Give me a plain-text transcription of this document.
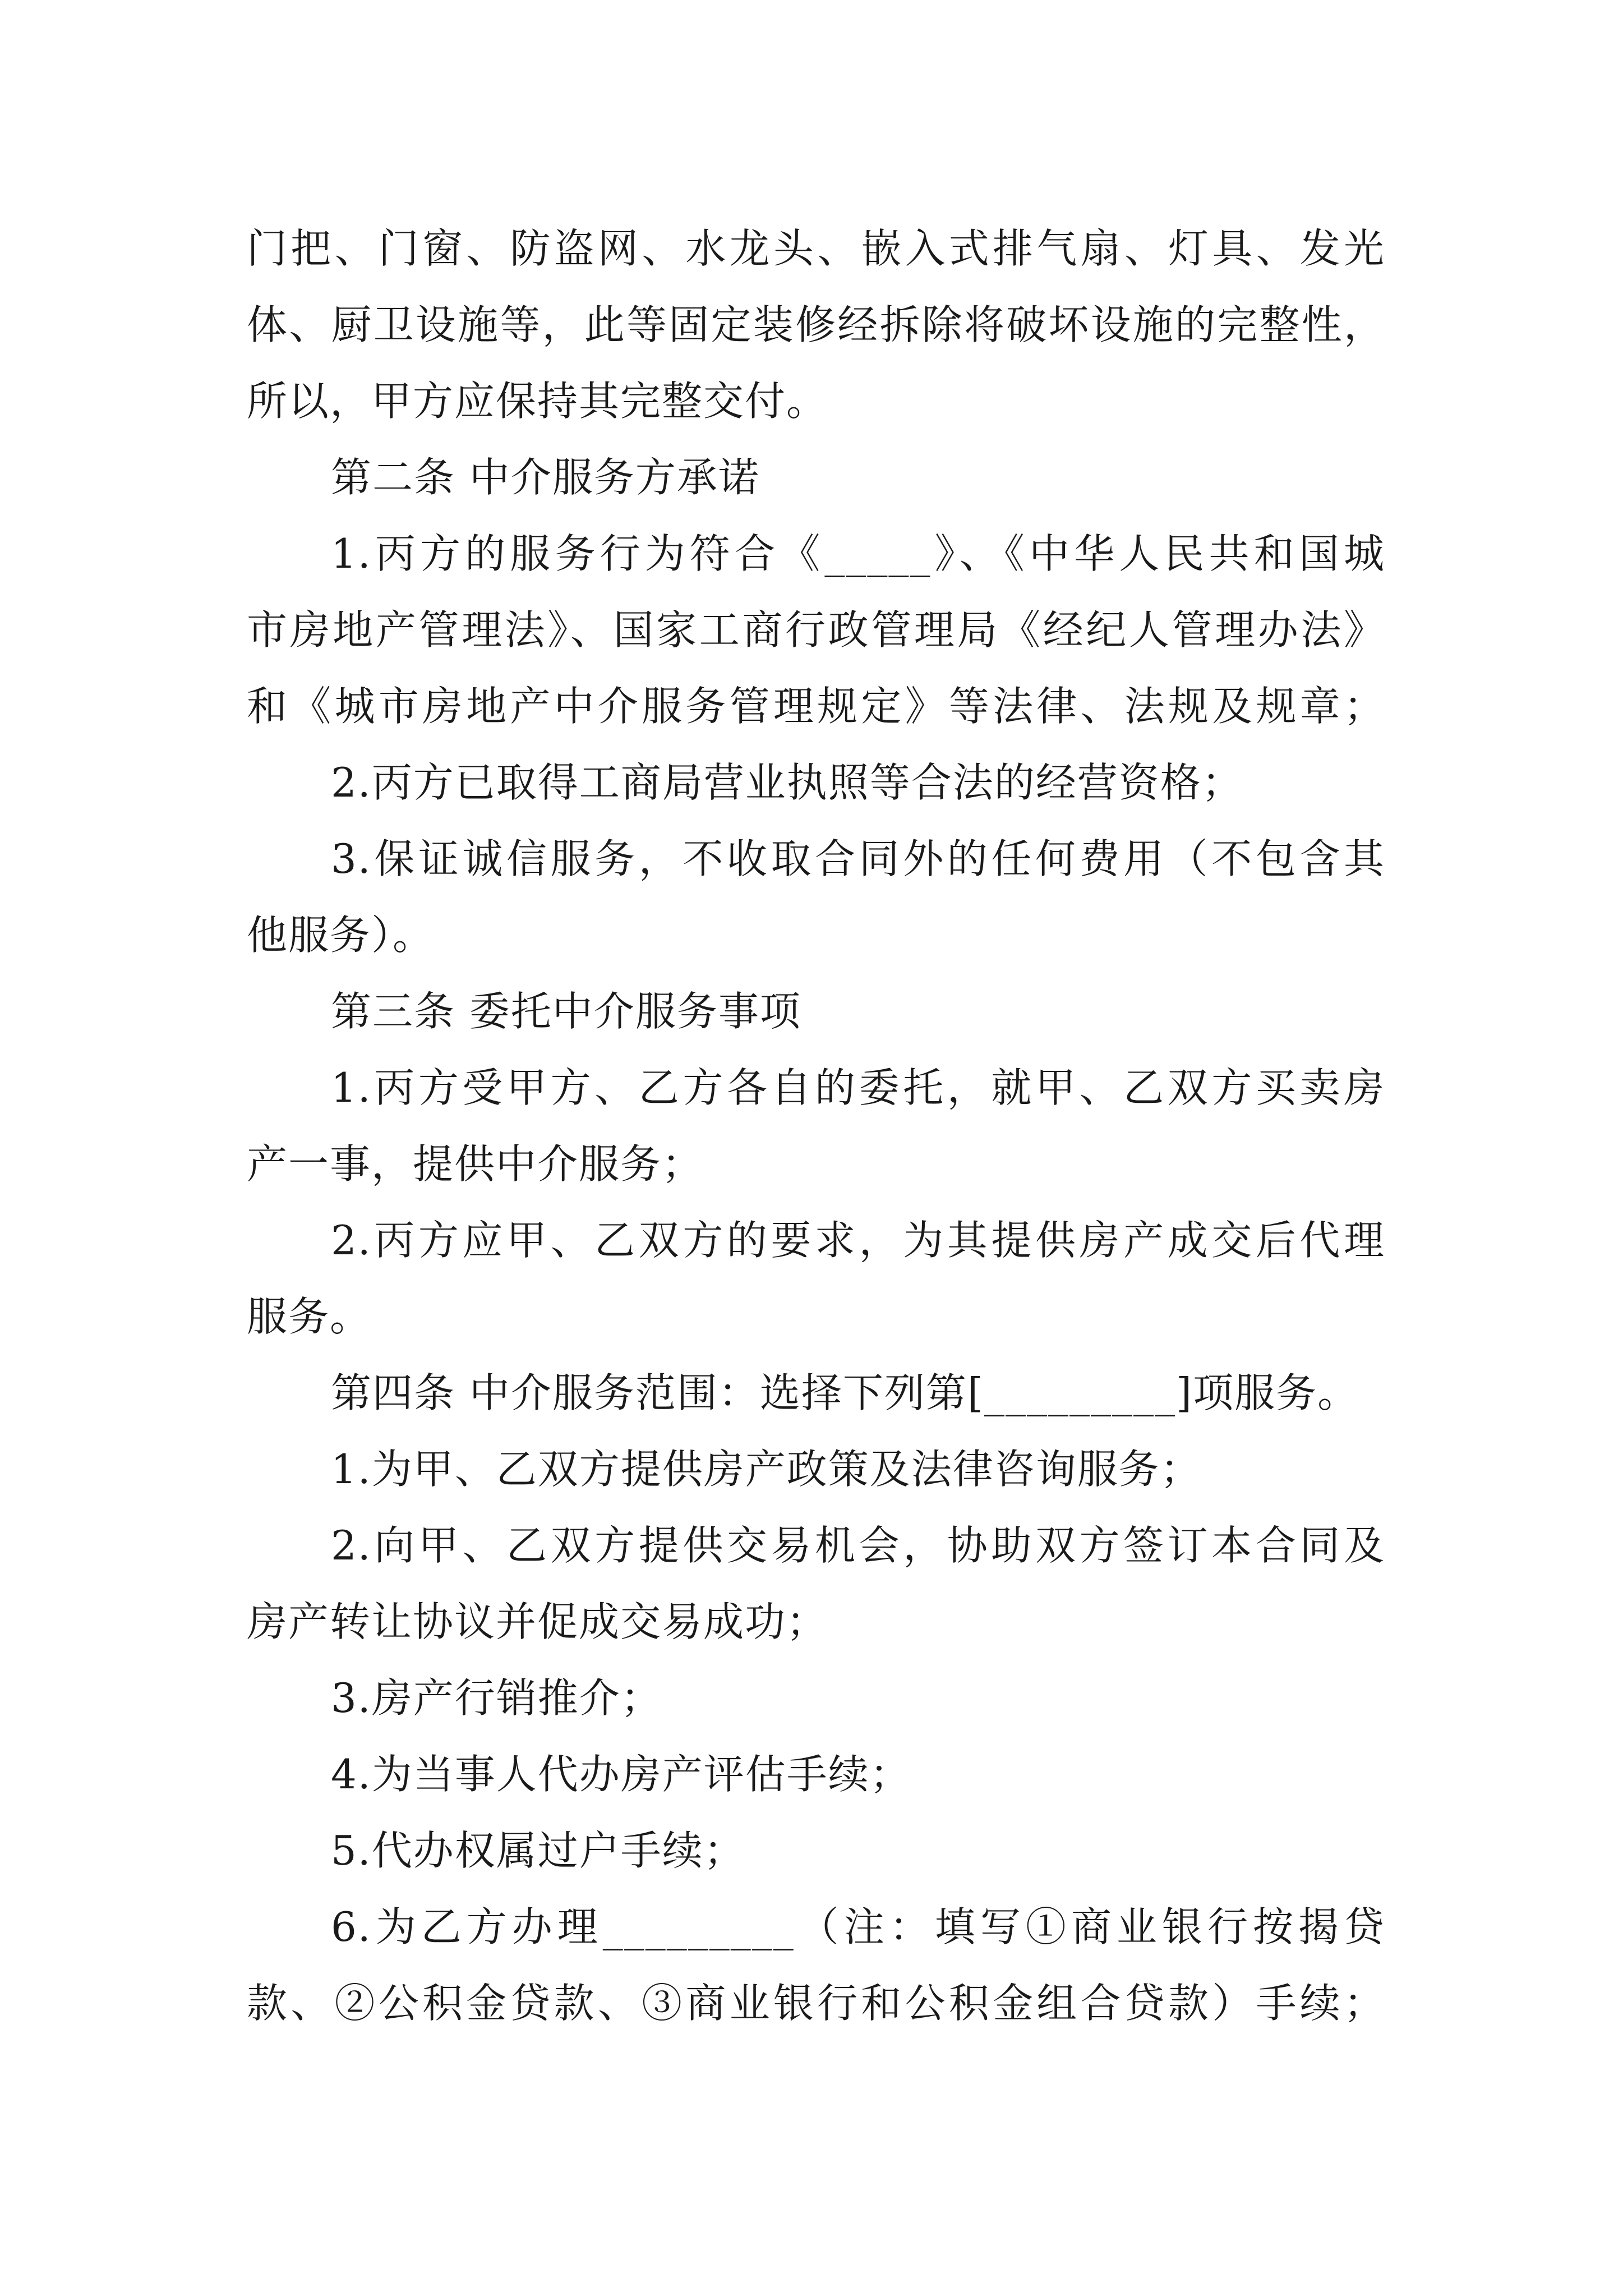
门把、门窗、防盗网、水龙头、嵌入式排气扇、灯具、发光
体、厨卫设施等，此等固定装修经拆除将破坏设施的完整性，
所以，甲方应保持其完整交付。
第二条 中介服务方承诺
1.丙方的服务行为符合《_____》、《中华人民共和国城
市房地产管理法》、国家工商行政管理局《经纪人管理办法》
和《城市房地产中介服务管理规定》等法律、法规及规章；
2.丙方已取得工商局营业执照等合法的经营资格；
3.保证诚信服务，不收取合同外的任何费用（不包含其
他服务）。
第三条 委托中介服务事项
1.丙方受甲方、乙方各自的委托，就甲、乙双方买卖房
产一事，提供中介服务；
2.丙方应甲、乙双方的要求，为其提供房产成交后代理
服务。
第四条 中介服务范围：选择下列第[_________]项服务。
1.为甲、乙双方提供房产政策及法律咨询服务；
2.向甲、乙双方提供交易机会，协助双方签订本合同及
房产转让协议并促成交易成功；
3.房产行销推介；
4.为当事人代办房产评估手续；
5.代办权属过户手续；
6.为乙方办理_________（注：填写①商业银行按揭贷
款、②公积金贷款、③商业银行和公积金组合贷款）手续；
